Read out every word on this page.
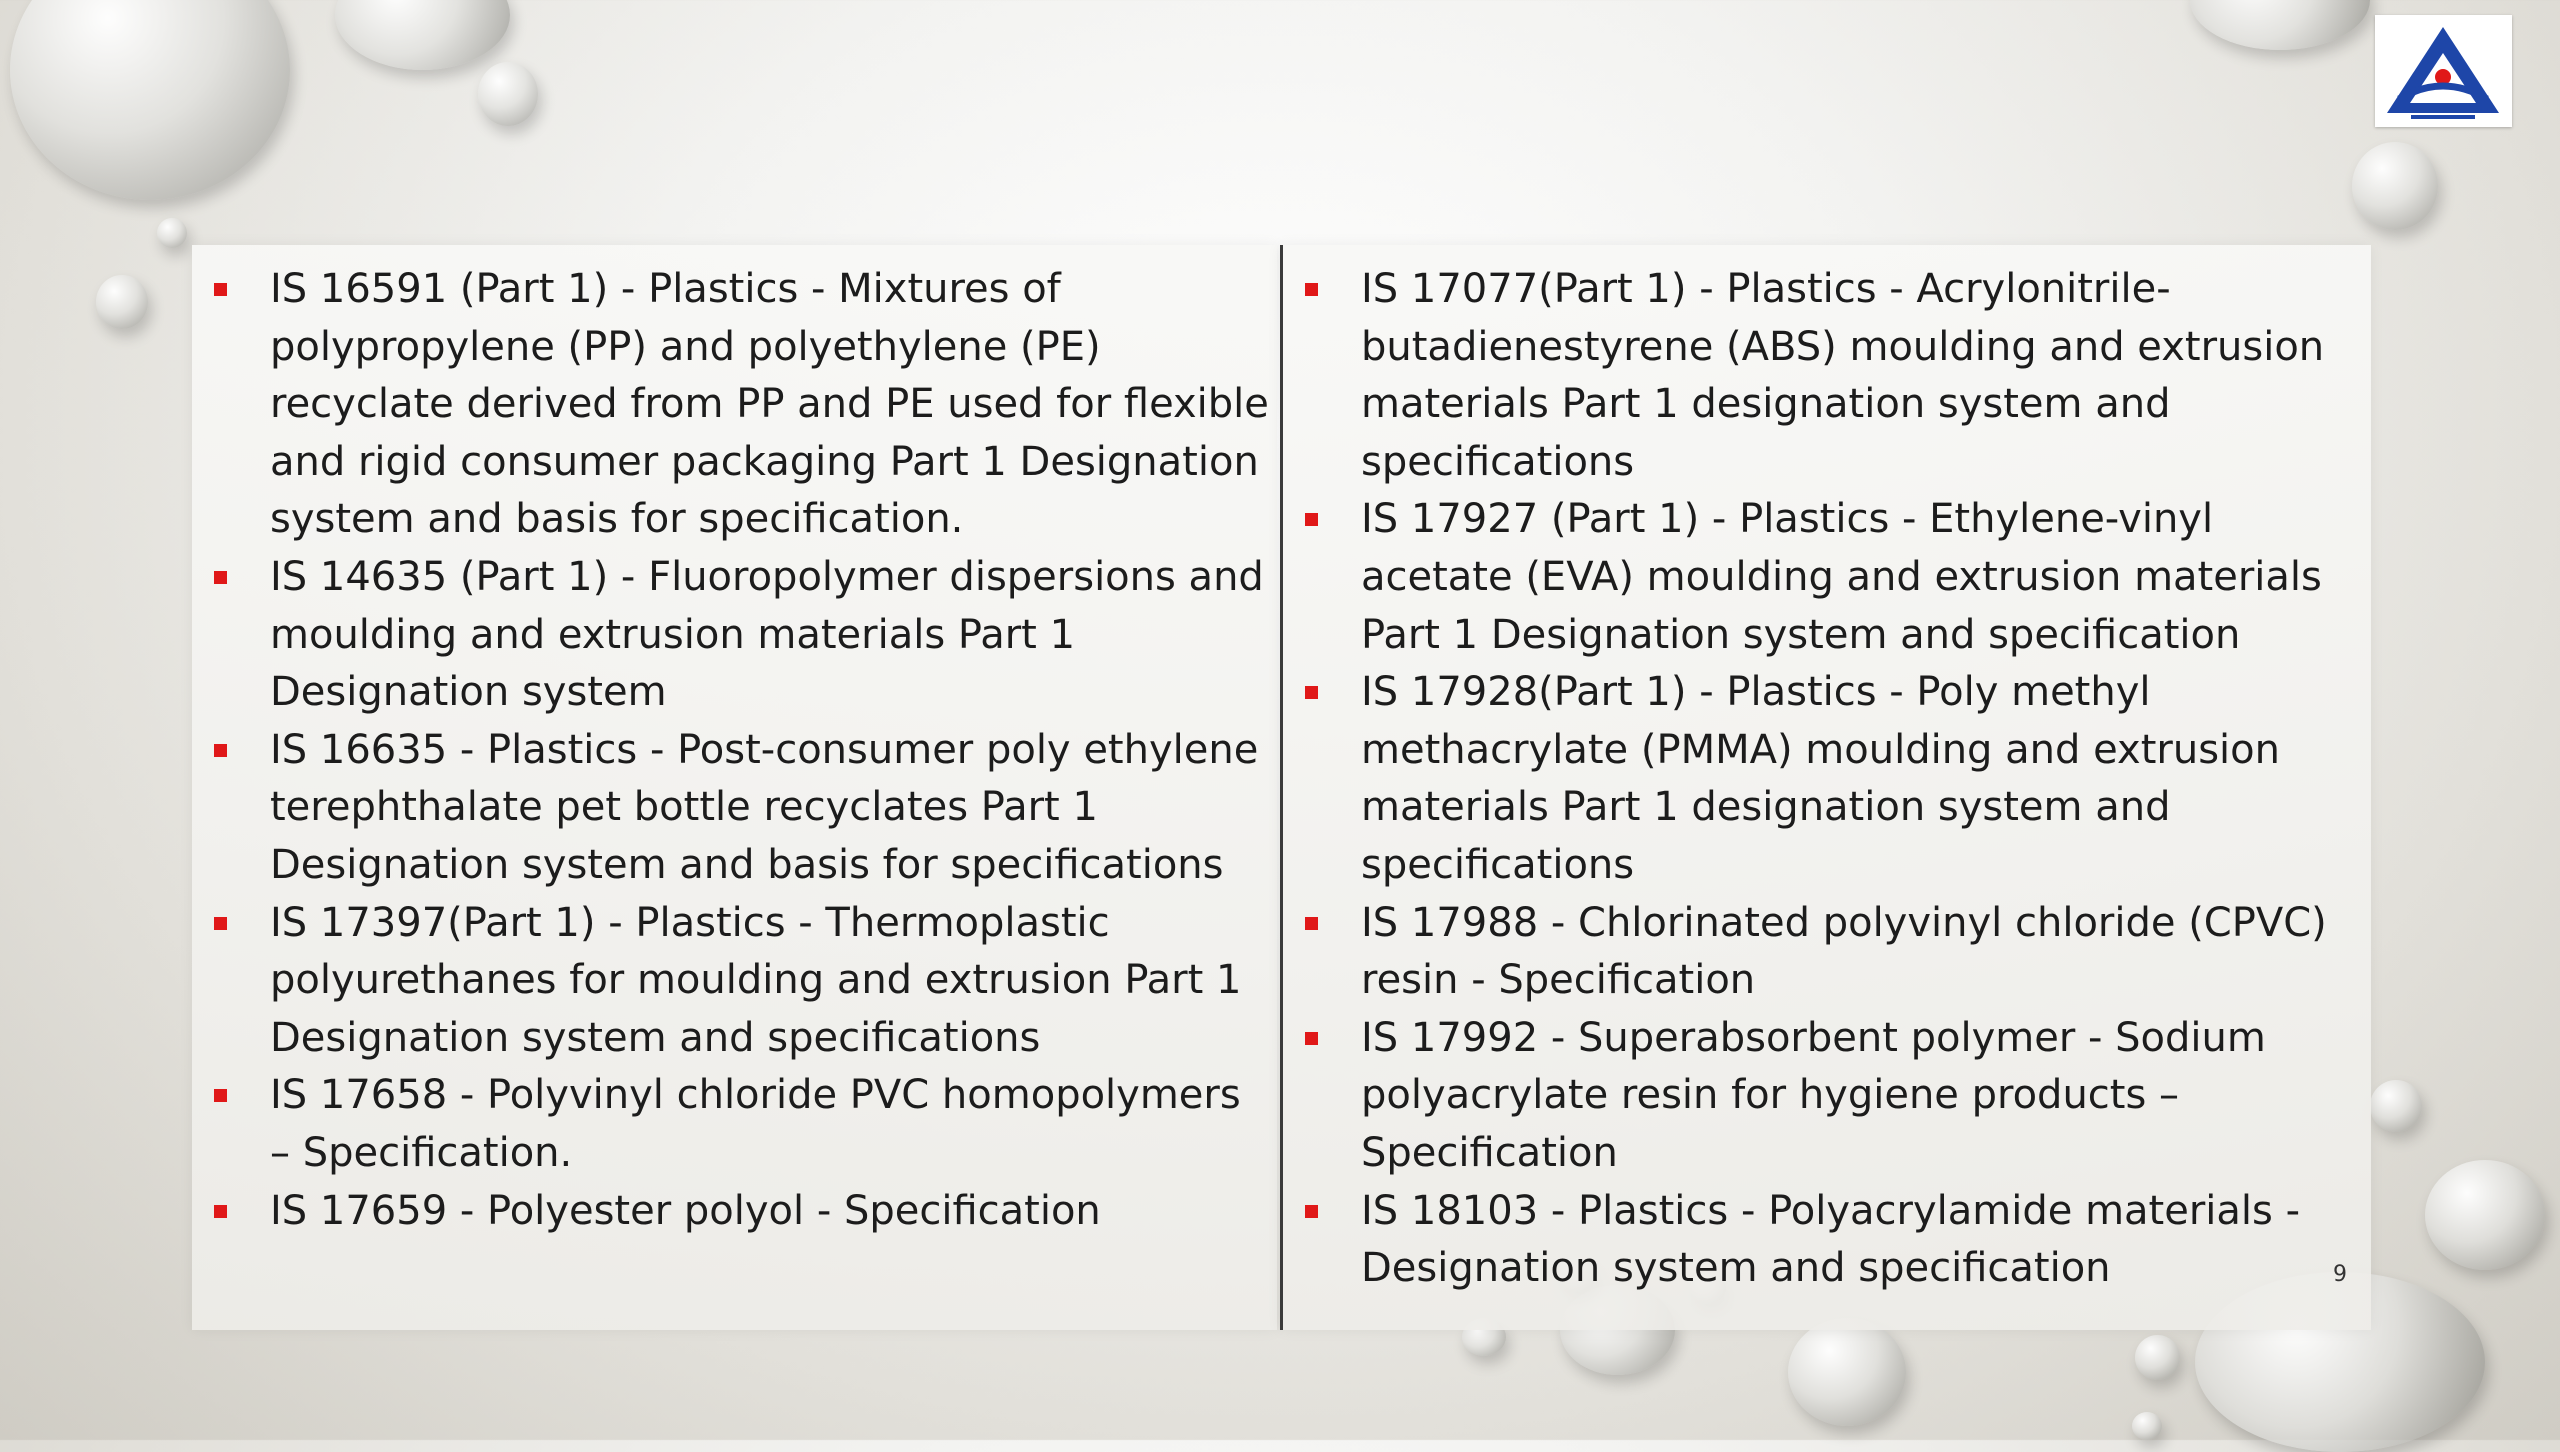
IS 16591 (Part 1) - Plastics - Mixtures of polypropylene (PP) and polyethylene (PE) recyclate derived from PP and PE used for flexible and rigid consumer packaging Part 1 Designation system and basis for specification.
IS 14635 (Part 1) - Fluoropolymer dispersions and moulding and extrusion materials Part 1 Designation system
IS 16635 - Plastics - Post-consumer poly ethylene terephthalate pet bottle recyclates Part 1 Designation system and basis for specifications
IS 17397(Part 1) - Plastics - Thermoplastic polyurethanes for moulding and extrusion Part 1 Designation system and specifications
IS 17658 - Polyvinyl chloride PVC homopolymers – Specification.
IS 17659 - Polyester polyol - Specification
IS 17077(Part 1) - Plastics - Acrylonitrile-butadienestyrene (ABS) moulding and extrusion materials Part 1 designation system and specifications
IS 17927 (Part 1) - Plastics - Ethylene-vinyl acetate (EVA) moulding and extrusion materials Part 1 Designation system and specification
IS 17928(Part 1) - Plastics - Poly methyl methacrylate (PMMA) moulding and extrusion materials Part 1 designation system and specifications
IS 17988 - Chlorinated polyvinyl chloride (CPVC) resin - Specification
IS 17992 - Superabsorbent polymer - Sodium polyacrylate resin for hygiene products – Specification
IS 18103 - Plastics - Polyacrylamide materials - Designation system and specification	9
